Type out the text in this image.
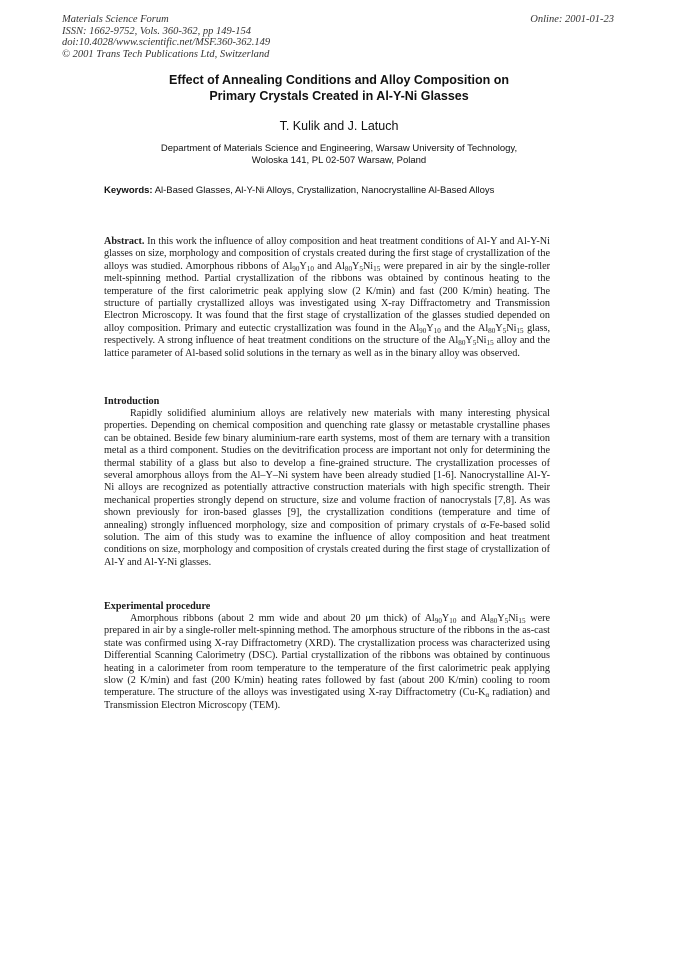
Materials Science Forum
ISSN: 1662-9752, Vols. 360-362, pp 149-154
doi:10.4028/www.scientific.net/MSF.360-362.149
© 2001 Trans Tech Publications Ltd, Switzerland
Online: 2001-01-23
Effect of Annealing Conditions and Alloy Composition on
Primary Crystals Created in Al-Y-Ni Glasses
T. Kulik and J. Latuch
Department of Materials Science and Engineering, Warsaw University of Technology,
Woloska 141, PL 02-507 Warsaw, Poland
Keywords: Al-Based Glasses, Al-Y-Ni Alloys, Crystallization, Nanocrystalline Al-Based Alloys
Abstract. In this work the influence of alloy composition and heat treatment conditions of Al-Y and Al-Y-Ni glasses on size, morphology and composition of crystals created during the first stage of crystallization of the alloys was studied. Amorphous ribbons of $Al_{90}Y_{10}$ and $Al_{80}Y_5Ni_{15}$ were prepared in air by the single-roller melt-spinning method. Partial crystallization of the ribbons was obtained by continous heating to the temperature of the first calorimetric peak applying slow (2 K/min) and fast (200 K/min) heating. The structure of partially crystallized alloys was investigated using X-ray Diffractometry and Transmission Electron Microscopy. It was found that the first stage of crystallization of the glasses studied depended on alloy composition. Primary and eutectic crystallization was found in the $Al_{90}Y_{10}$ and the $Al_{80}Y_5Ni_{15}$ glass, respectively. A strong influence of heat treatment conditions on the structure of the $Al_{80}Y_5Ni_{15}$ alloy and the lattice parameter of Al-based solid solutions in the ternary as well as in the binary alloy was observed.
Introduction
Rapidly solidified aluminium alloys are relatively new materials with many interesting physical properties. Depending on chemical composition and quenching rate glassy or metastable crystalline phases can be obtained. Beside few binary aluminium-rare earth systems, most of them are ternary with a transition metal as a third component. Studies on the devitrification process are important not only for determining the thermal stability of a glass but also to develop a fine-grained structure. The crystallization processes of several amorphous alloys from the Al–Y–Ni system have been already studied [1-6]. Nanocrystalline Al-Y-Ni alloys are recognized as potentially attractive construction materials with high specific strength. Their mechanical properties strongly depend on structure, size and volume fraction of nanocrystals [7,8]. As was shown previously for iron-based glasses [9], the crystallization conditions (temperature and time of annealing) strongly influenced morphology, size and composition of primary crystals of α-Fe-based solid solution. The aim of this study was to examine the influence of alloy composition and heat treatment conditions on size, morphology and composition of crystals created during the first stage of crystallization of Al-Y and Al-Y-Ni glasses.
Experimental procedure
Amorphous ribbons (about 2 mm wide and about 20 μm thick) of $Al_{90}Y_{10}$ and $Al_{80}Y_5Ni_{15}$ were prepared in air by a single-roller melt-spinning method. The amorphous structure of the ribbons in the as-cast state was confirmed using X-ray Diffractometry (XRD). The crystallization process was characterized using Differential Scanning Calorimetry (DSC). Partial crystallization of the ribbons was obtained by continuous heating in a calorimeter from room temperature to the temperature of the first calorimetric peak applying slow (2 K/min) and fast (200 K/min) heating rates followed by fast (about 200 K/min) cooling to room temperature. The structure of the alloys was investigated using X-ray Diffractometry ($Cu-K_\alpha$ radiation) and Transmission Electron Microscopy (TEM).
